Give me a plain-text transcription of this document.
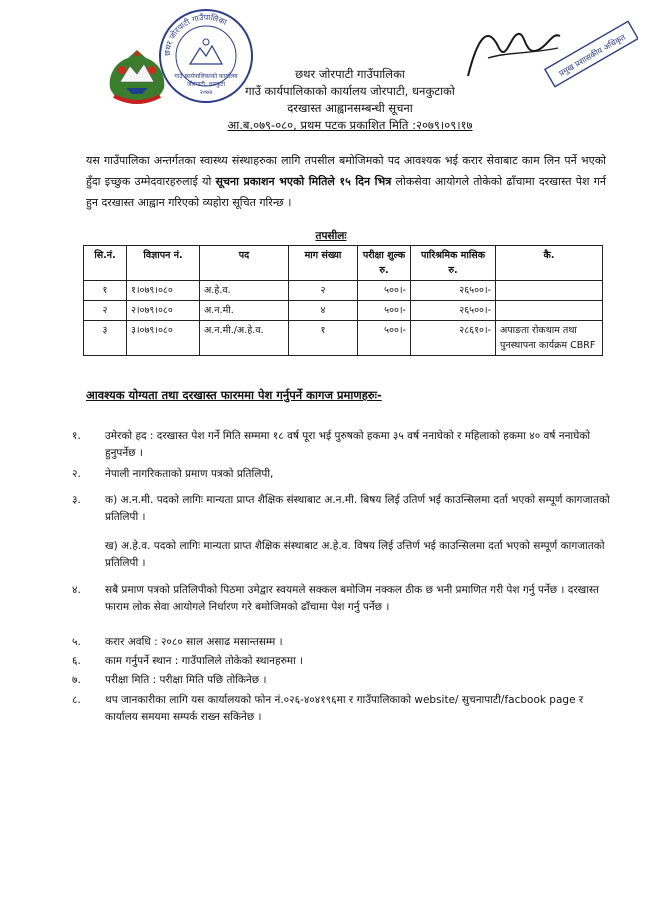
छथर जोरपाटी गाउँपालिका
गाउँ कार्यपालिकाको कार्यालय
जोरपाटी, धनकुटा
२०७४
प्रमुख प्रशासकीय अधिकृत
छथर जोरपाटी गाउँपालिका
गाउँ कार्यपालिकाको कार्यालय जोरपाटी, धनकुटाको
दरखास्त आह्वानसम्बन्धी सूचना
आ.ब.०७९-०८०, प्रथम पटक प्रकाशित मिति :२०७९।०९।१७
यस गाउँपालिका अन्तर्गतका स्वास्थ्य संस्थाहरुका लागि तपसील बमोजिमको पद आवश्यक भई करार सेवाबाट काम लिन पर्ने भएको हुँदा इच्छुक उम्मेदवारहरुलाई यो सूचना प्रकाशन भएको मितिले १५ दिन भित्र लोकसेवा आयोगले तोकेको ढाँचामा दरखास्त पेश गर्न हुन दरखास्त आह्वान गरिएको व्यहोरा सूचित गरिन्छ ।
तपसीलः
सि.नं.	विज्ञापन नं.	पद	माग संख्या	परीक्षा शुल्क रु.	पारिश्रमिक मासिक रु.	कै.
१	१।०७९।०८०	अ.हे.व.	२	५००।-	२६५००।-	
२	२।०७९।०८०	अ.न.मी.	४	५००।-	२६५००।-	
३	३।०७९।०८०	अ.न.मी./अ.हे.व.	१	५००।-	२८६१०।-	अपाङता रोकथाम तथा पुनस्थापना कार्यक्रम CBRF
आवश्यक योग्यता तथा दरखास्त फारममा पेश गर्नुपर्ने कागज प्रमाणहरुः-
१.	उमेरको हद : दरखास्त पेश गर्ने मिति सम्ममा १८ वर्ष पूरा भई पुरुषको हकमा ३५ वर्ष ननाघेको र महिलाको हकमा ४० वर्ष ननाघेको हुनुपर्नेछ ।
२.	नेपाली नागरिकताको प्रमाण पत्रको प्रतिलिपी,
३.	क) अ.न.मी. पदको लागिः मान्यता प्राप्त शैक्षिक संस्थाबाट अ.न.मी. बिषय लिई उतिर्ण भई काउन्सिलमा दर्ता भएको सम्पूर्ण कागजातको प्रतिलिपी ।
ख) अ.हे.व. पदको लागिः मान्यता प्राप्त शैक्षिक संस्थाबाट अ.हे.व. विषय लिई उत्तिर्ण भई काउन्सिलमा दर्ता भएको सम्पूर्ण कागजातको प्रतिलिपी ।
४.	सबै प्रमाण पत्रको प्रतिलिपीको पिठमा उमेद्वार स्वयमले सक्कल बमोजिम नक्कल ठीक छ भनी प्रमाणित गरी पेश गर्नु पर्नेछ । दरखास्त फाराम लोक सेवा आयोगले निर्धारण गरे बमोजिमको ढाँचामा पेश गर्नु पर्नेछ ।
५.	करार अवधि : २०८० साल असाढ मसान्तसम्म ।
६.	काम गर्नुपर्ने स्थान : गाउँपालिले तोकेको स्थानहरुमा ।
७.	परीक्षा मिति : परीक्षा मिति पछि तोकिनेछ ।
८.	थप जानकारीका लागि यस कार्यालयको फोन नं.०२६-४०४१९६मा र गाउँपालिकाको website/ सुचनापाटी/facbook page र कार्यालय समयमा सम्पर्क राख्न सकिनेछ ।
